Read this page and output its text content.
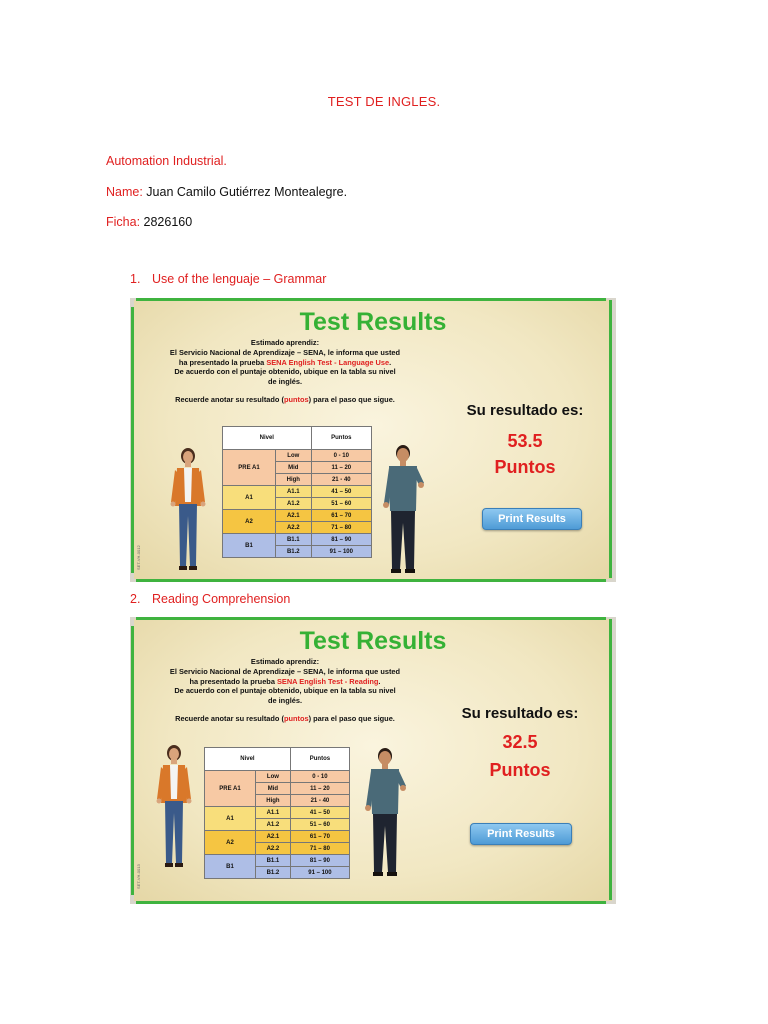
TEST DE INGLES.
Automation Industrial.
Name: Juan Camilo Gutiérrez Montealegre.
Ficha: 2826160
1. Use of the lenguaje – Grammar
Test Results
Estimado aprendiz:
El Servicio Nacional de Aprendizaje – SENA, le informa que usted
ha presentado la prueba SENA English Test - Language Use.
De acuerdo con el puntaje obtenido, ubique en la tabla su nivel
de inglés.
Recuerde anotar su resultado (puntos) para el paso que sigue.
Nivel		Puntos
PRE A1	Low	0 - 10
	Mid	11 – 20
	High	21 - 40
A1	A1.1	41 – 50
	A1.2	51 – 60
A2	A2.1	61 – 70
	A2.2	71 – 80
B1	B1.1	81 – 90
	B1.2	91 – 100
SET-VH-0012
Su resultado es:
53.5
Puntos
Print Results
2. Reading Comprehension
Test Results
Estimado aprendiz:
El Servicio Nacional de Aprendizaje – SENA, le informa que usted
ha presentado la prueba SENA English Test - Reading.
De acuerdo con el puntaje obtenido, ubique en la tabla su nivel
de inglés.
Recuerde anotar su resultado (puntos) para el paso que sigue.
Nivel		Puntos
PRE A1	Low	0 - 10
	Mid	11 – 20
	High	21 - 40
A1	A1.1	41 – 50
	A1.2	51 – 60
A2	A2.1	61 – 70
	A2.2	71 – 80
B1	B1.1	81 – 90
	B1.2	91 – 100
SET-VH-0013
Su resultado es:
32.5
Puntos
Print Results
